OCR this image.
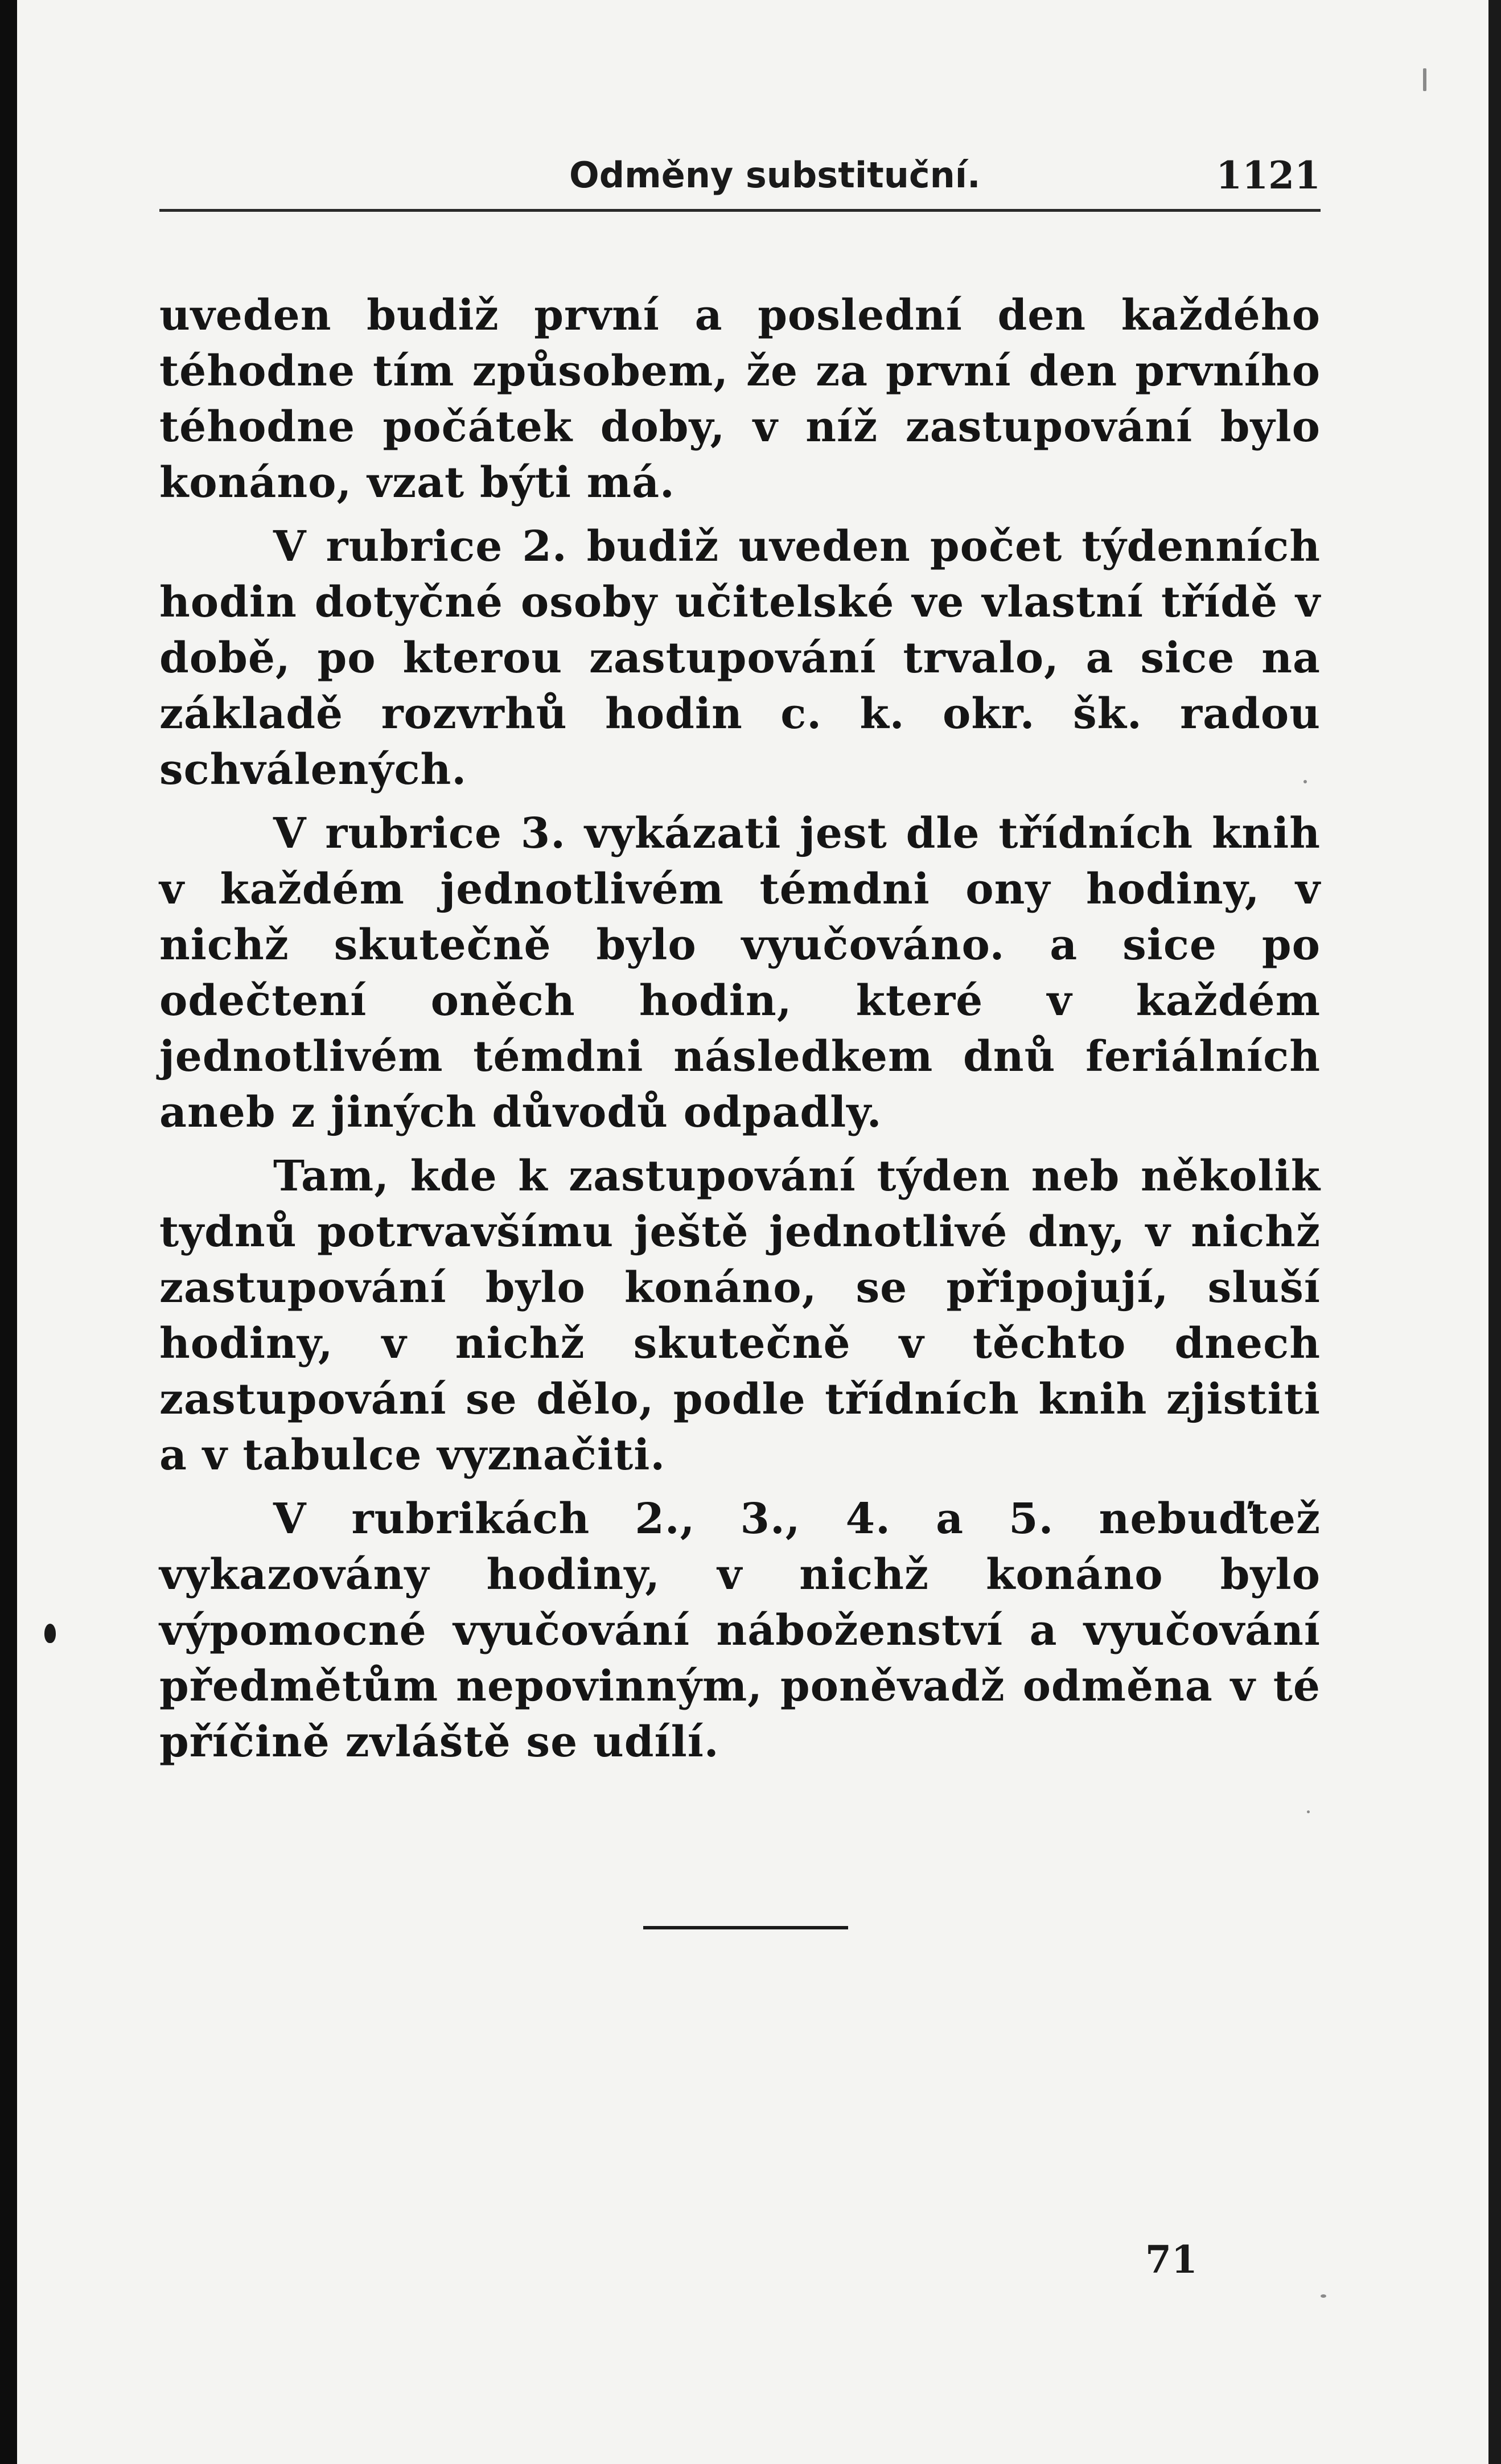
Odměny substituční.	1121

uveden budiž první a poslední den každého téhodne tím způsobem, že za první den prvního téhodne počátek doby, v níž zastupování bylo konáno, vzat býti má.

V rubrice 2. budiž uveden počet týdenních hodin dotyčné osoby učitelské ve vlastní třídě v době, po kterou zastupování trvalo, a sice na základě rozvrhů hodin c. k. okr. šk. radou schválených.

V rubrice 3. vykázati jest dle třídních knih v každém jednotlivém témdni ony hodiny, v nichž skutečně bylo vyučováno. a sice po odečtení oněch hodin, které v každém jednotlivém témdni následkem dnů feriálních aneb z jiných důvodů odpadly.

Tam, kde k zastupování týden neb několik tydnů potrvavšímu ještě jednotlivé dny, v nichž zastupování bylo konáno, se připojují, sluší hodiny, v nichž skutečně v těchto dnech zastupování se dělo, podle třídních knih zjistiti a v tabulce vyznačiti.

V rubrikách 2., 3., 4. a 5. nebuďtež vykazovány hodiny, v nichž konáno bylo výpomocné vyučování náboženství a vyučování předmětům nepovinným, poněvadž odměna v té příčině zvláště se udílí.

71
